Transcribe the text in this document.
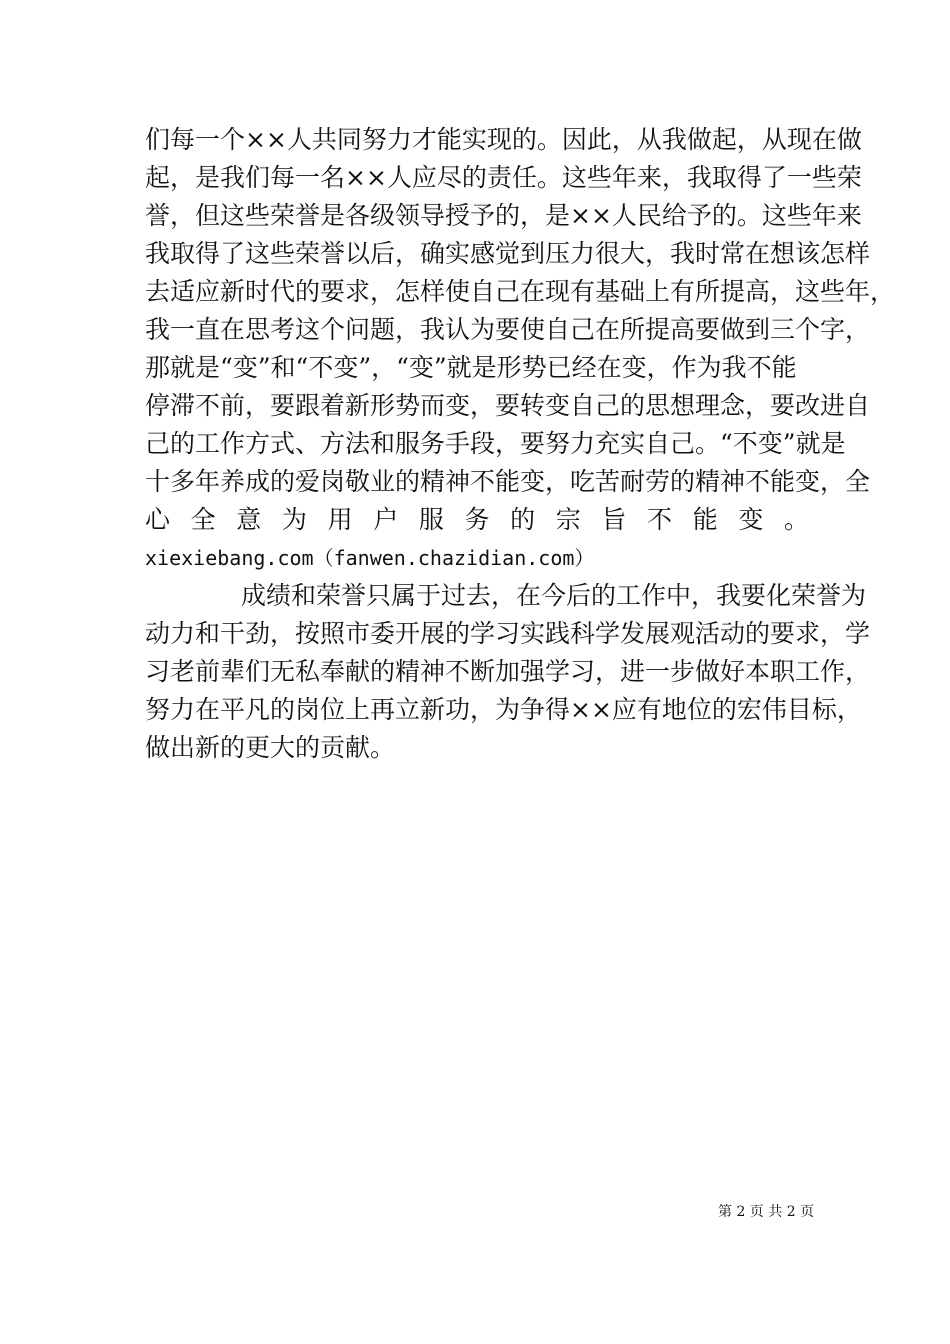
们每一个××人共同努力才能实现的。因此，从我做起，从现在做
起，是我们每一名××人应尽的责任。这些年来，我取得了一些荣
誉，但这些荣誉是各级领导授予的，是××人民给予的。这些年来
我取得了这些荣誉以后，确实感觉到压力很大，我时常在想该怎样
去适应新时代的要求，怎样使自己在现有基础上有所提高，这些年，
我一直在思考这个问题，我认为要使自己在所提高要做到三个字，
那就是“变”和“不变”，“变”就是形势已经在变，作为我不能
停滞不前，要跟着新形势而变，要转变自己的思想理念，要改进自
己的工作方式、方法和服务手段，要努力充实自己。“不变”就是
十多年养成的爱岗敬业的精神不能变，吃苦耐劳的精神不能变，全
心 全 意 为 用 户 服 务 的 宗 旨 不 能 变 。
xiexiebang.com（fanwen.chazidian.com）
成绩和荣誉只属于过去，在今后的工作中，我要化荣誉为
动力和干劲，按照市委开展的学习实践科学发展观活动的要求，学
习老前辈们无私奉献的精神不断加强学习，进一步做好本职工作，
努力在平凡的岗位上再立新功，为争得××应有地位的宏伟目标，
做出新的更大的贡献。
第 2 页 共 2 页
